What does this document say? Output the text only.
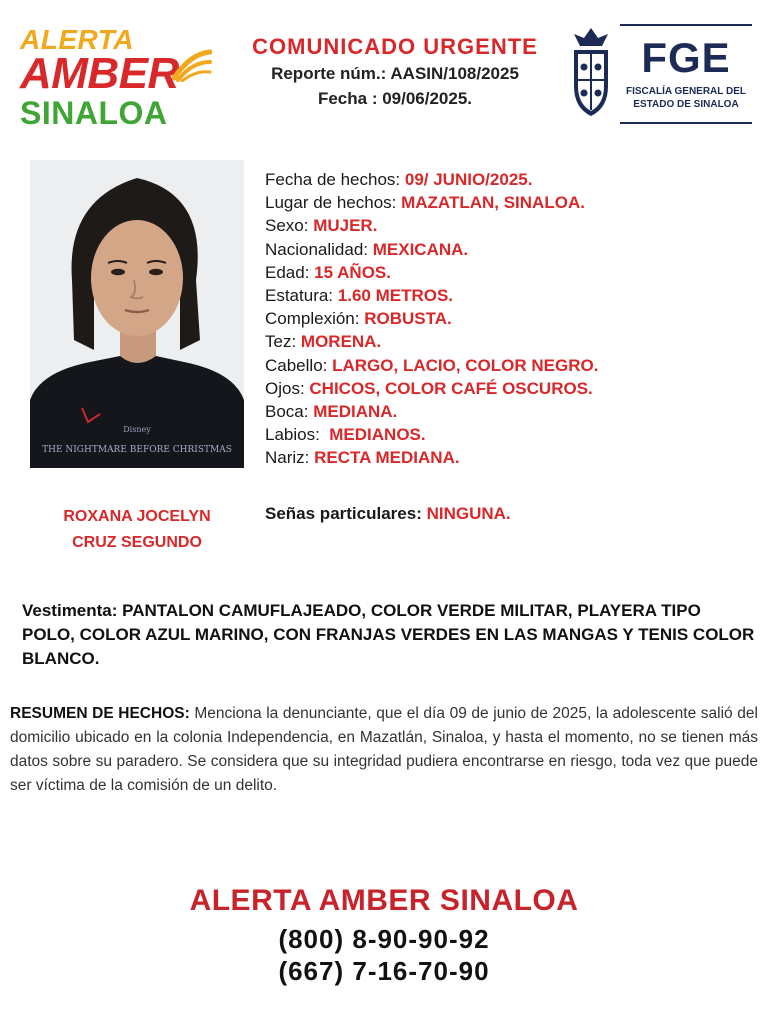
ALERTA
AMBER
SINALOA
COMUNICADO URGENTE
Reporte núm.: AASIN/108/2025
Fecha : 09/06/2025.
FGE
FISCALÍA GENERAL DEL
ESTADO DE SINALOA
Disney
THE NIGHTMARE BEFORE CHRISTMAS
ROXANA JOCELYN
CRUZ SEGUNDO
Fecha de hechos: 09/ JUNIO/2025.
Lugar de hechos: MAZATLAN, SINALOA.
Sexo: MUJER.
Nacionalidad: MEXICANA.
Edad: 15 AÑOS.
Estatura: 1.60 METROS.
Complexión: ROBUSTA.
Tez: MORENA.
Cabello: LARGO, LACIO, COLOR NEGRO.
Ojos: CHICOS, COLOR CAFÉ OSCUROS.
Boca: MEDIANA.
Labios:  MEDIANOS.
Nariz: RECTA MEDIANA.
Señas particulares: NINGUNA.
Vestimenta: PANTALON CAMUFLAJEADO, COLOR VERDE MILITAR, PLAYERA TIPO POLO, COLOR AZUL MARINO, CON FRANJAS VERDES EN LAS MANGAS Y TENIS COLOR BLANCO.
RESUMEN DE HECHOS: Menciona la denunciante, que el día 09 de junio de 2025, la adolescente salió del domicilio ubicado en la colonia Independencia, en Mazatlán, Sinaloa, y hasta el momento, no se tienen más datos sobre su paradero. Se considera que su integridad pudiera encontrarse en riesgo, toda vez que puede ser víctima de la comisión de un delito.
ALERTA AMBER SINALOA
(800) 8-90-90-92
(667) 7-16-70-90
